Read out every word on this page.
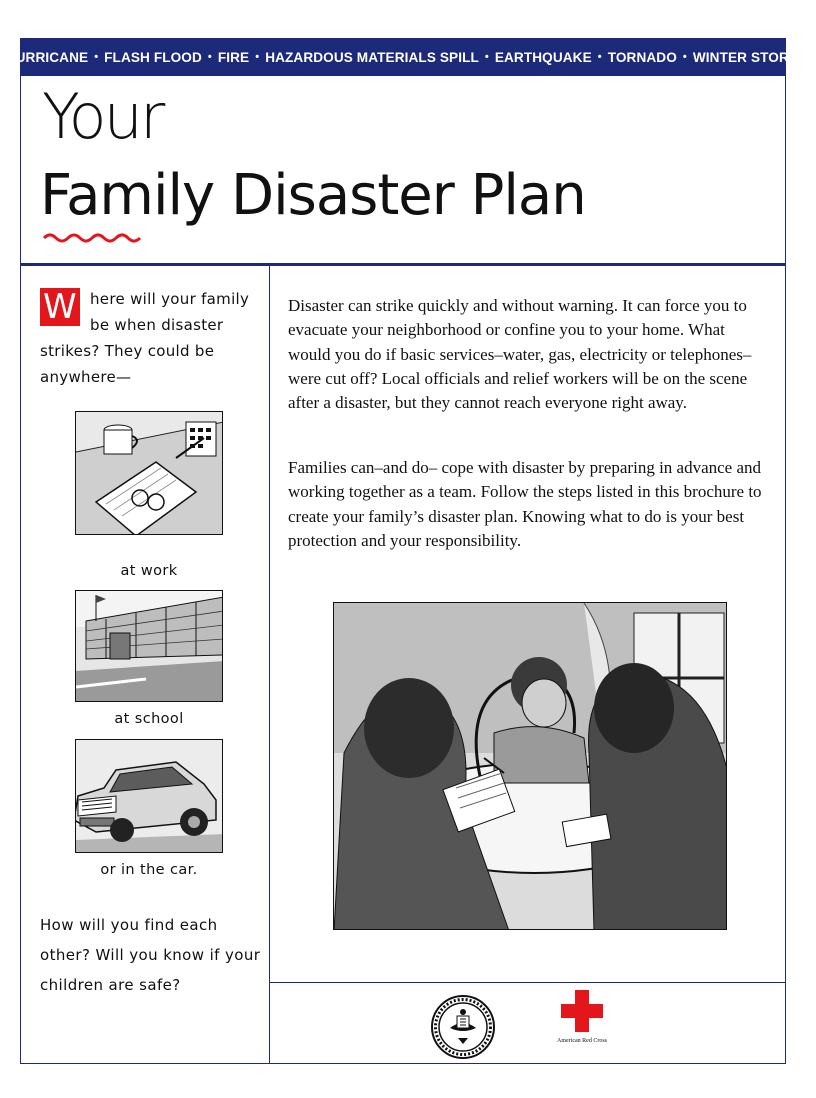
HURRICANE • FLASH FLOOD • FIRE • HAZARDOUS MATERIALS SPILL • EARTHQUAKE • TORNADO • WINTER STORM
Your
Family Disaster Plan
W here will your family be when disaster strikes? They could be anywhere—
at work
at school
or in the car.
How will you find each other? Will you know if your children are safe?

Disaster can strike quickly and without warning. It can force you to evacuate your neighborhood or confine you to your home. What would you do if basic services–water, gas, electricity or telephones–were cut off? Local officials and relief workers will be on the scene after a disaster, but they cannot reach everyone right away.

Families can–and do– cope with disaster by preparing in advance and working together as a team. Follow the steps listed in this brochure to create your family’s disaster plan. Knowing what to do is your best protection and your responsibility.

American Red Cross
